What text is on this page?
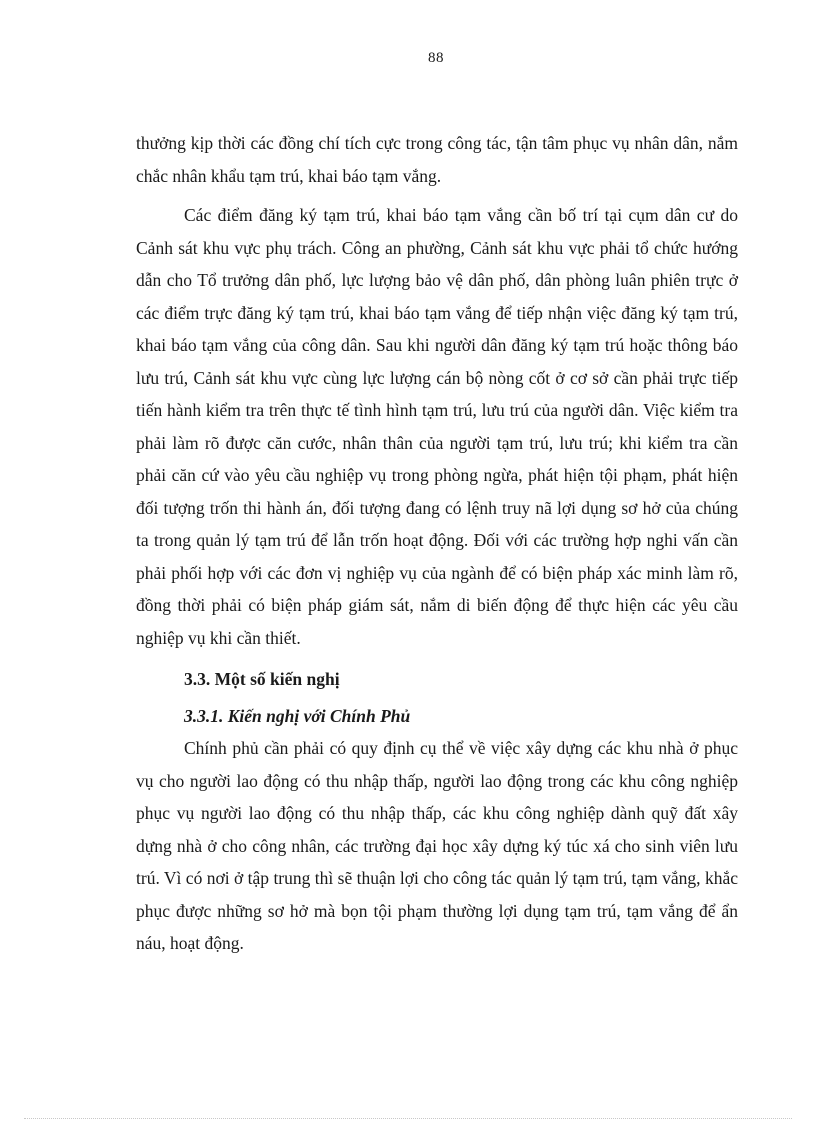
88

thưởng kịp thời các đồng chí tích cực trong công tác, tận tâm phục vụ nhân dân, nắm chắc nhân khẩu tạm trú, khai báo tạm vắng.

Các điểm đăng ký tạm trú, khai báo tạm vắng cần bố trí tại cụm dân cư do Cảnh sát khu vực phụ trách. Công an phường, Cảnh sát khu vực phải tổ chức hướng dẫn cho Tổ trưởng dân phố, lực lượng bảo vệ dân phố, dân phòng luân phiên trực ở các điểm trực đăng ký tạm trú, khai báo tạm vắng để tiếp nhận việc đăng ký tạm trú, khai báo tạm vắng của công dân. Sau khi người dân đăng ký tạm trú hoặc thông báo lưu trú, Cảnh sát khu vực cùng lực lượng cán bộ nòng cốt ở cơ sở cần phải trực tiếp tiến hành kiểm tra trên thực tế tình hình tạm trú, lưu trú của người dân. Việc kiểm tra phải làm rõ được căn cước, nhân thân của người tạm trú, lưu trú; khi kiểm tra cần phải căn cứ vào yêu cầu nghiệp vụ trong phòng ngừa, phát hiện tội phạm, phát hiện đối tượng trốn thi hành án, đối tượng đang có lệnh truy nã lợi dụng sơ hở của chúng ta trong quản lý tạm trú để lẫn trốn hoạt động. Đối với các trường hợp nghi vấn cần phải phối hợp với các đơn vị nghiệp vụ của ngành để có biện pháp xác minh làm rõ, đồng thời phải có biện pháp giám sát, nắm di biến động để thực hiện các yêu cầu nghiệp vụ khi cần thiết.

3.3. Một số kiến nghị
3.3.1. Kiến nghị với Chính Phủ

Chính phủ cần phải có quy định cụ thể về việc xây dựng các khu nhà ở phục vụ cho người lao động có thu nhập thấp, người lao động trong các khu công nghiệp phục vụ người lao động có thu nhập thấp, các khu công nghiệp dành quỹ đất xây dựng nhà ở cho công nhân, các trường đại học xây dựng ký túc xá cho sinh viên lưu trú. Vì có nơi ở tập trung thì sẽ thuận lợi cho công tác quản lý tạm trú, tạm vắng, khắc phục được những sơ hở mà bọn tội phạm thường lợi dụng tạm trú, tạm vắng để ẩn náu, hoạt động.
